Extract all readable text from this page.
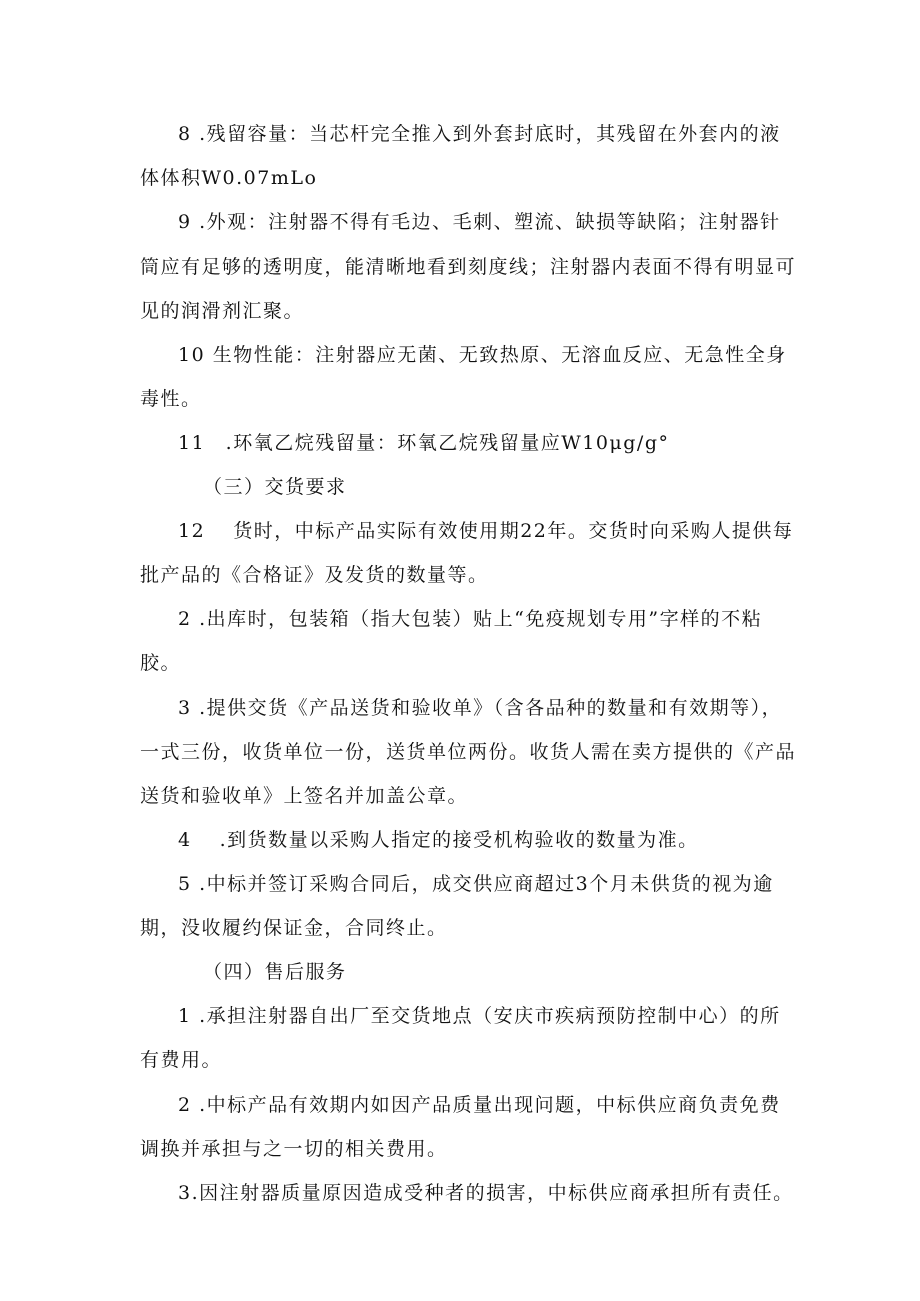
8 .残留容量：当芯杆完全推入到外套封底时，其残留在外套内的液
体体积W0.07mLo
9 .外观：注射器不得有毛边、毛刺、塑流、缺损等缺陷；注射器针
筒应有足够的透明度，能清晰地看到刻度线；注射器内表面不得有明显可
见的润滑剂汇聚。
10 生物性能：注射器应无菌、无致热原、无溶血反应、无急性全身
毒性。
11　.环氧乙烷残留量：环氧乙烷残留量应W10μg/g°
（三）交货要求
12　 货时，中标产品实际有效使用期22年。交货时向采购人提供每
批产品的《合格证》及发货的数量等。
2 .出库时，包装箱（指大包装）贴上“免疫规划专用”字样的不粘
胶。
3 .提供交货《产品送货和验收单》（含各品种的数量和有效期等），
一式三份，收货单位一份，送货单位两份。收货人需在卖方提供的《产品
送货和验收单》上签名并加盖公章。
4　 .到货数量以采购人指定的接受机构验收的数量为准。
5 .中标并签订采购合同后，成交供应商超过3个月未供货的视为逾
期，没收履约保证金，合同终止。
（四）售后服务
1 .承担注射器自出厂至交货地点（安庆市疾病预防控制中心）的所
有费用。
2 .中标产品有效期内如因产品质量出现问题，中标供应商负责免费
调换并承担与之一切的相关费用。
3.因注射器质量原因造成受种者的损害，中标供应商承担所有责任。
